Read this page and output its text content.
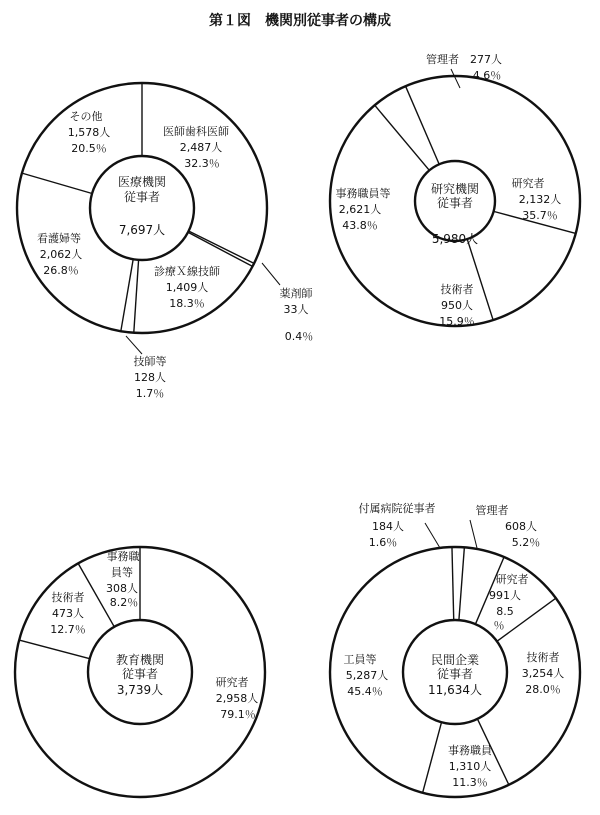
第１図　機関別従事者の構成
医療機関
従事者
7,697人
医師歯科医師
2,487人
32.3％
その他
1,578人
20.5％
看護婦等
2,062人
26.8％	診療Ｘ線技師
1,409人
18.3％
薬剤師
33人
0.4％
技師等
128人
1.7％
研究機関
従事者
5,980人
研究者
2,132人
35.7％
技術者
950人
15.9％
事務職員等
2,621人
43.8％
管理者 277人
4.6％
教育機関
従事者
3,739人
研究者
2,958人
79.1％
技術者
473人
12.7％
事務職
員等
308人
8.2％
民間企業
従事者
11,634人
管理者
608人
5.2％
研究者
991人
8.5
％
技術者
3,254人
28.0％
事務職員
1,310人
11.3％
工員等
5,287人
45.4％
付属病院従事者
184人
1.6％
